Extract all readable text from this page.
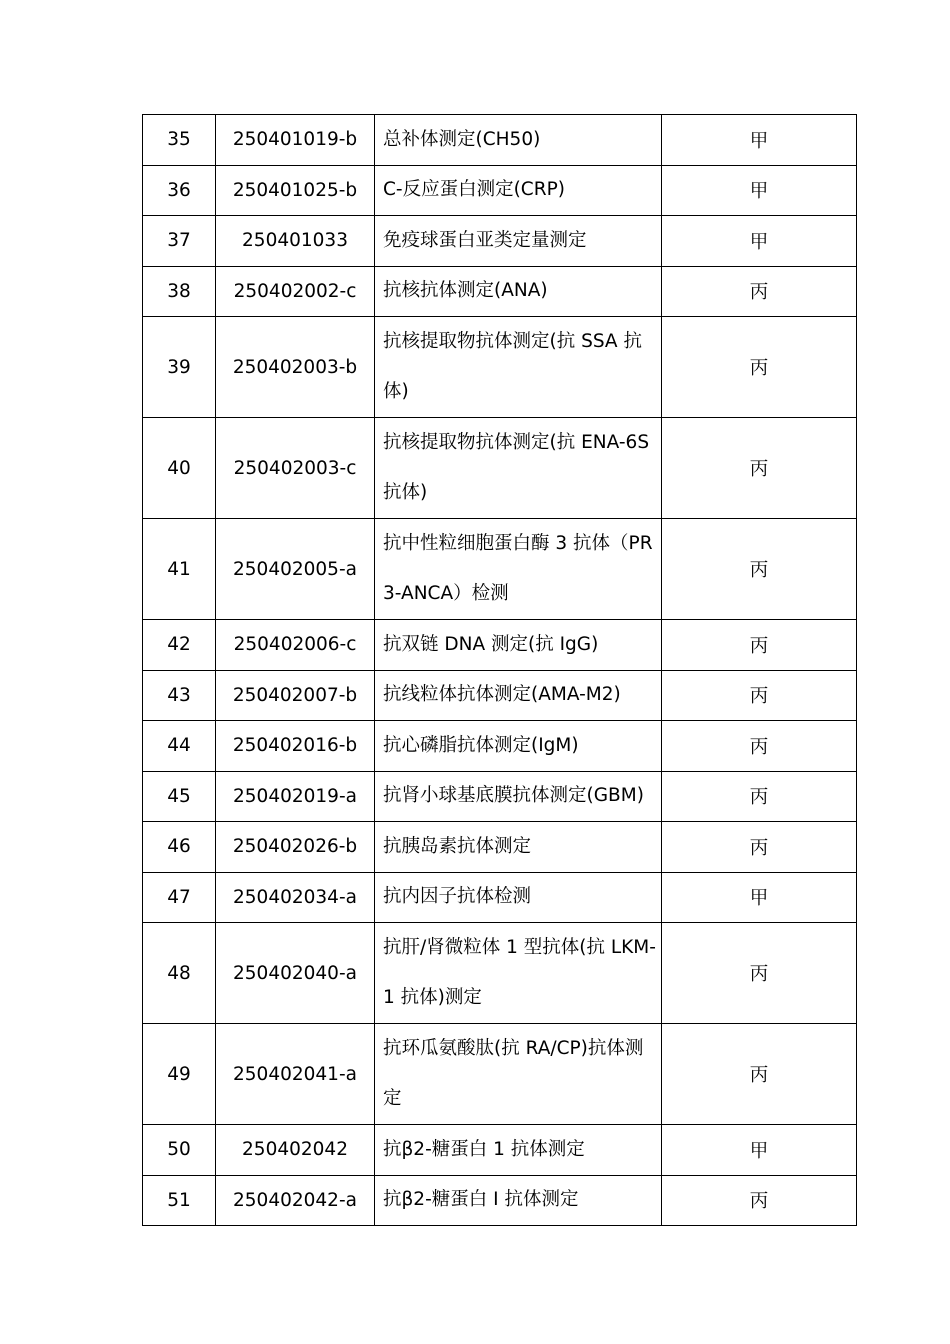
35	250401019-b	总补体测定(CH50)	甲
36	250401025-b	C-反应蛋白测定(CRP)	甲
37	250401033	免疫球蛋白亚类定量测定	甲
38	250402002-c	抗核抗体测定(ANA)	丙
39	250402003-b	抗核提取物抗体测定(抗 SSA 抗体)	丙
40	250402003-c	抗核提取物抗体测定(抗 ENA-6S 抗体)	丙
41	250402005-a	抗中性粒细胞蛋白酶 3 抗体（PR3-ANCA）检测	丙
42	250402006-c	抗双链 DNA 测定(抗 IgG)	丙
43	250402007-b	抗线粒体抗体测定(AMA-M2)	丙
44	250402016-b	抗心磷脂抗体测定(IgM)	丙
45	250402019-a	抗肾小球基底膜抗体测定(GBM)	丙
46	250402026-b	抗胰岛素抗体测定	丙
47	250402034-a	抗内因子抗体检测	甲
48	250402040-a	抗肝/肾微粒体 1 型抗体(抗 LKM-1 抗体)测定	丙
49	250402041-a	抗环瓜氨酸肽(抗 RA/CP)抗体测定	丙
50	250402042	抗β2-糖蛋白 1 抗体测定	甲
51	250402042-a	抗β2-糖蛋白 I 抗体测定	丙
